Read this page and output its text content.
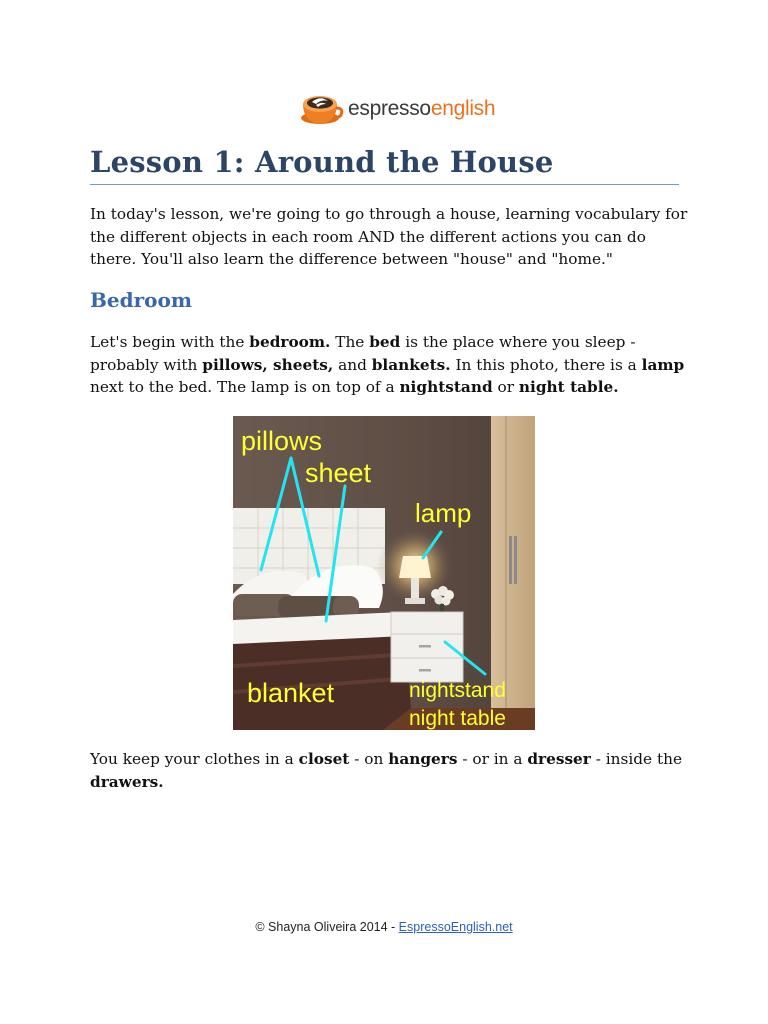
espressoenglish
Lesson 1: Around the House

In today's lesson, we're going to go through a house, learning vocabulary for the different objects in each room AND the different actions you can do there. You'll also learn the difference between "house" and "home."

Bedroom

Let's begin with the bedroom. The bed is the place where you sleep - probably with pillows, sheets, and blankets. In this photo, there is a lamp next to the bed. The lamp is on top of a nightstand or night table.

pillows
sheet
lamp
blanket	nightstand
night table

You keep your clothes in a closet - on hangers - or in a dresser - inside the drawers.

© Shayna Oliveira 2014 - EspressoEnglish.net
